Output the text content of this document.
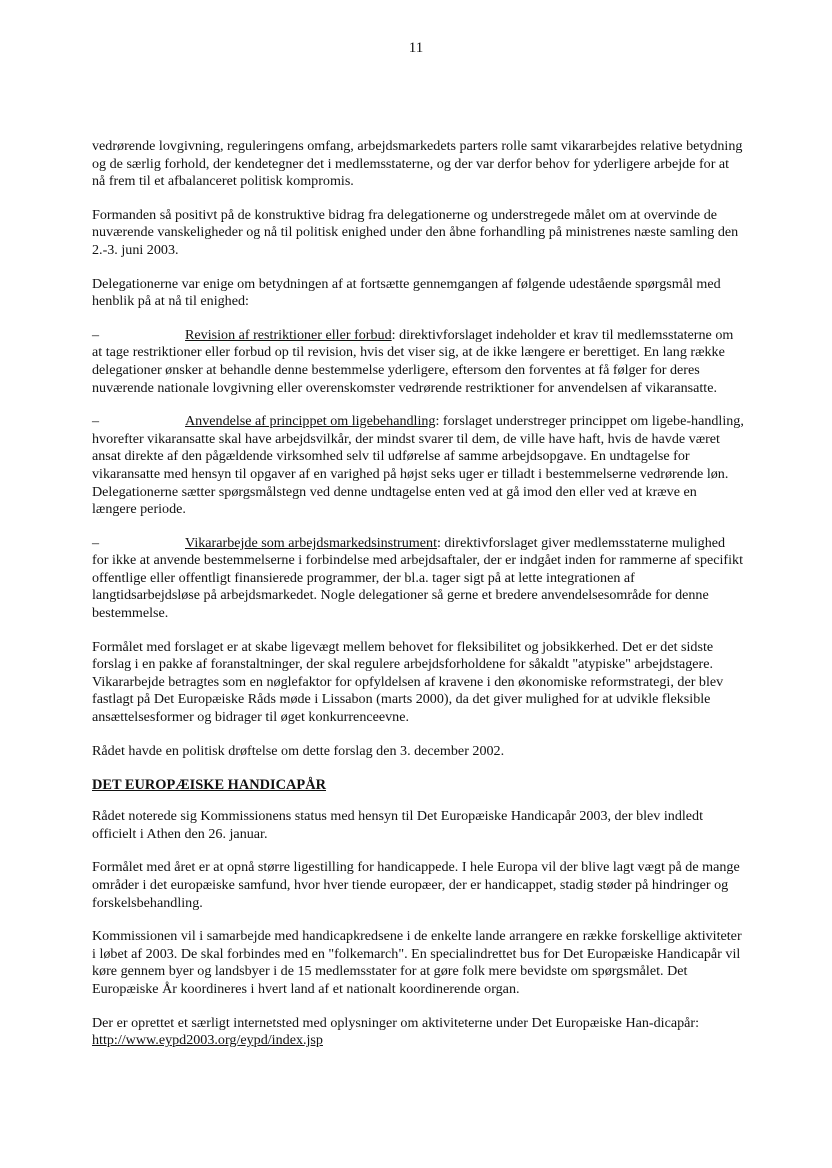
11

vedrørende lovgivning, reguleringens omfang, arbejdsmarkedets parters rolle samt vikararbejdes relative betydning og de særlig forhold, der kendetegner det i medlemsstaterne, og der var derfor behov for yderligere arbejde for at nå frem til et afbalanceret politisk kompromis.

Formanden så positivt på de konstruktive bidrag fra delegationerne og understregede målet om at overvinde de nuværende vanskeligheder og nå til politisk enighed under den åbne forhandling på ministrenes næste samling den 2.-3. juni 2003.

Delegationerne var enige om betydningen af at fortsætte gennemgangen af følgende udestående spørgsmål med henblik på at nå til enighed:

–	Revision af restriktioner eller forbud: direktivforslaget indeholder et krav til medlemsstaterne om at tage restriktioner eller forbud op til revision, hvis det viser sig, at de ikke længere er berettiget. En lang række delegationer ønsker at behandle denne bestemmelse yderligere, eftersom den forventes at få følger for deres nuværende nationale lovgivning eller overenskomster vedrørende restriktioner for anvendelsen af vikaransatte.

–	Anvendelse af princippet om ligebehandling: forslaget understreger princippet om ligebe-handling, hvorefter vikaransatte skal have arbejdsvilkår, der mindst svarer til dem, de ville have haft, hvis de havde været ansat direkte af den pågældende virksomhed selv til udførelse af samme arbejdsopgave. En undtagelse for vikaransatte med hensyn til opgaver af en varighed på højst seks uger er tilladt i bestemmelserne vedrørende løn. Delegationerne sætter spørgsmålstegn ved denne undtagelse enten ved at gå imod den eller ved at kræve en længere periode.

–	Vikararbejde som arbejdsmarkedsinstrument: direktivforslaget giver medlemsstaterne mulighed for ikke at anvende bestemmelserne i forbindelse med arbejdsaftaler, der er indgået inden for rammerne af specifikt offentlige eller offentligt finansierede programmer, der bl.a. tager sigt på at lette integrationen af langtidsarbejdsløse på arbejdsmarkedet. Nogle delegationer så gerne et bredere anvendelsesområde for denne bestemmelse.

Formålet med forslaget er at skabe ligevægt mellem behovet for fleksibilitet og jobsikkerhed. Det er det sidste forslag i en pakke af foranstaltninger, der skal regulere arbejdsforholdene for såkaldt "atypiske" arbejdstagere. Vikararbejde betragtes som en nøglefaktor for opfyldelsen af kravene i den økonomiske reformstrategi, der blev fastlagt på Det Europæiske Råds møde i Lissabon (marts 2000), da det giver mulighed for at udvikle fleksible ansættelsesformer og bidrager til øget konkurrenceevne.

Rådet havde en politisk drøftelse om dette forslag den 3. december 2002.

DET EUROPÆISKE HANDICAPÅR

Rådet noterede sig Kommissionens status med hensyn til Det Europæiske Handicapår 2003, der blev indledt officielt i Athen den 26. januar.

Formålet med året er at opnå større ligestilling for handicappede. I hele Europa vil der blive lagt vægt på de mange områder i det europæiske samfund, hvor hver tiende europæer, der er handicappet, stadig støder på hindringer og forskelsbehandling.

Kommissionen vil i samarbejde med handicapkredsene i de enkelte lande arrangere en række forskellige aktiviteter i løbet af 2003. De skal forbindes med en "folkemarch". En specialindrettet bus for Det Europæiske Handicapår vil køre gennem byer og landsbyer i de 15 medlemsstater for at gøre folk mere bevidste om spørgsmålet. Det Europæiske År koordineres i hvert land af et nationalt koordinerende organ.

Der er oprettet et særligt internetsted med oplysninger om aktiviteterne under Det Europæiske Han-dicapår: http://www.eypd2003.org/eypd/index.jsp
